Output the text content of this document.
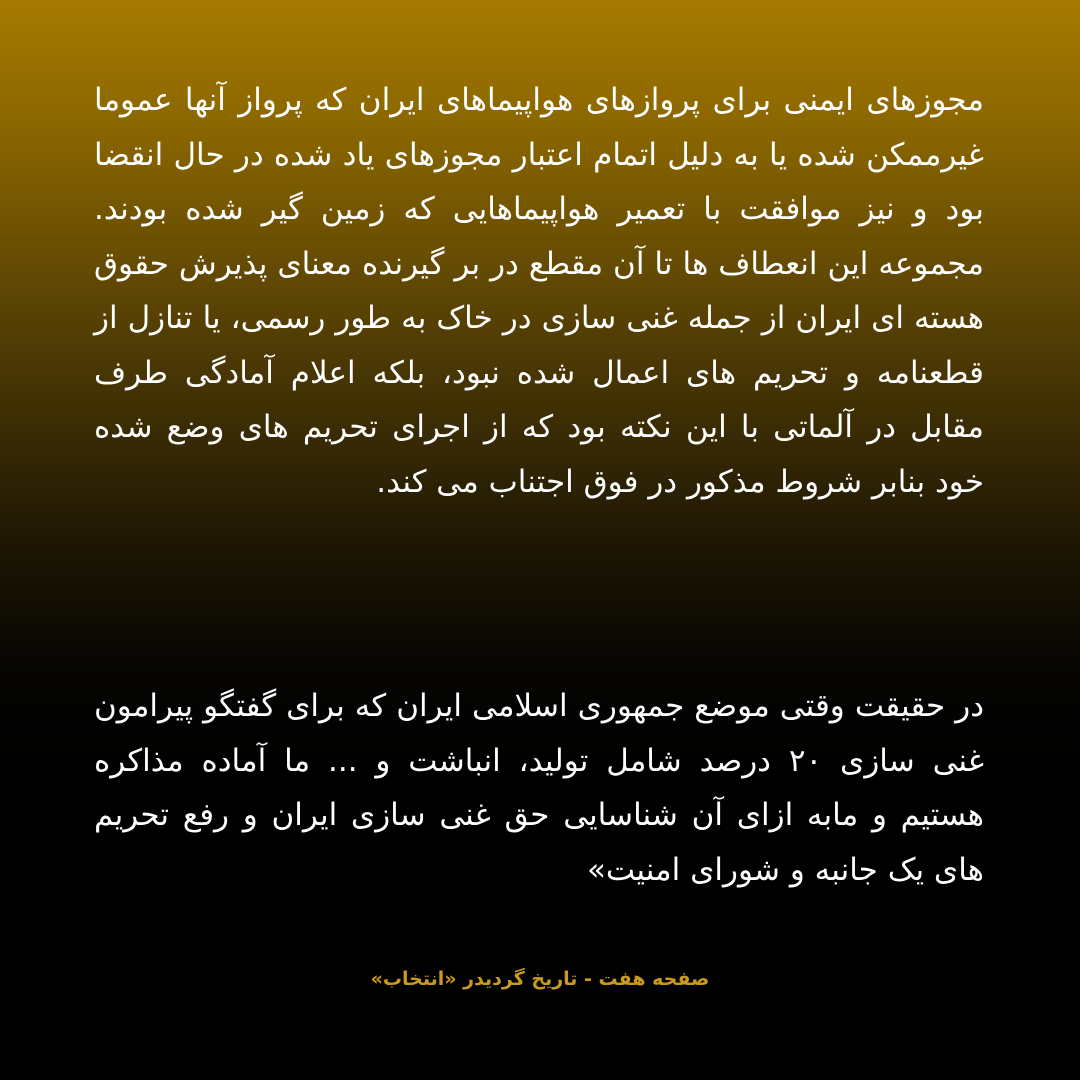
مجوزهای ایمنی برای پروازهای هواپیماهای ایران که پرواز آنها عموما غیرممکن شده یا به دلیل اتمام اعتبار مجوزهای یاد شده در حال انقضا بود و نیز موافقت با تعمیر هواپیماهایی که زمین گیر شده بودند. مجموعه این انعطاف ها تا آن مقطع در بر گیرنده معنای پذیرش حقوق هسته ای ایران از جمله غنی سازی در خاک به طور رسمی، یا تنازل از قطعنامه و تحریم های اعمال شده نبود، بلکه اعلام آمادگی طرف مقابل در آلماتی با این نکته بود که از اجرای تحریم های وضع شده خود بنابر شروط مذکور در فوق اجتناب می کند.

در حقیقت وقتی موضع جمهوری اسلامی ایران که برای گفتگو پیرامون غنی سازی ۲۰ درصد شامل تولید، انباشت و ... ما آماده مذاکره هستیم و مابه ازای آن شناسایی حق غنی سازی ایران و رفع تحریم های یک جانبه و شورای امنیت»

صفحه هفت - تاریخ گردیدر «انتخاب»
